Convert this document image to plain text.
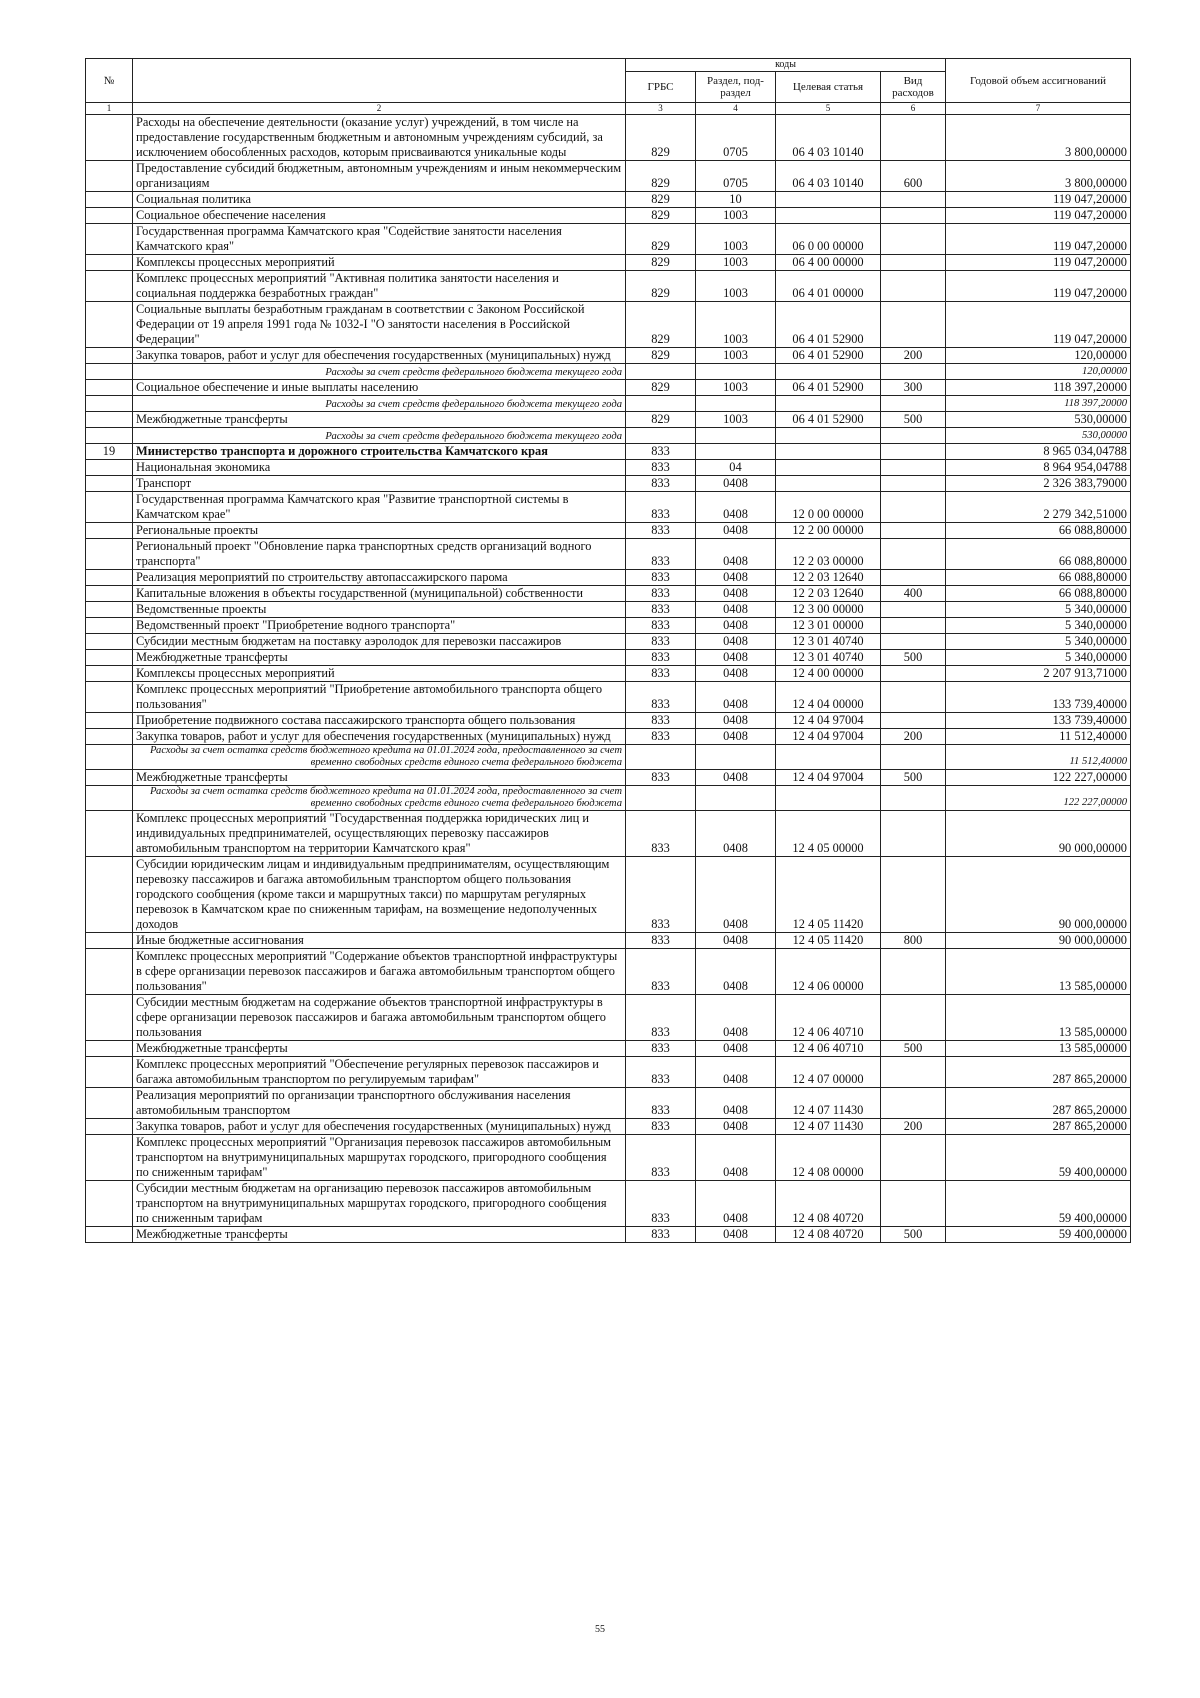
№		коды				Годовой объем ассигнований
		ГРБС	Раздел, под-раздел	Целевая статья	Вид расходов	
1	2	3	4	5	6	7
	Расходы на обеспечение деятельности (оказание услуг) учреждений, в том числе на предоставление государственным бюджетным и автономным учреждениям субсидий, за исключением обособленных расходов, которым присваиваются уникальные коды	829	0705	06 4 03 10140		3 800,00000
	Предоставление субсидий бюджетным, автономным учреждениям и иным некоммерческим организациям	829	0705	06 4 03 10140	600	3 800,00000
	Социальная политика	829	10			119 047,20000
	Социальное обеспечение населения	829	1003			119 047,20000
	Государственная программа Камчатского края "Содействие занятости населения Камчатского края"	829	1003	06 0 00 00000		119 047,20000
	Комплексы процессных мероприятий	829	1003	06 4 00 00000		119 047,20000
	Комплекс процессных мероприятий "Активная политика занятости населения и социальная поддержка безработных граждан"	829	1003	06 4 01 00000		119 047,20000
	Социальные выплаты безработным гражданам в соответствии с Законом Российской Федерации от 19 апреля 1991 года № 1032-I "О занятости населения в Российской Федерации"	829	1003	06 4 01 52900		119 047,20000
	Закупка товаров, работ и услуг для обеспечения государственных (муниципальных) нужд	829	1003	06 4 01 52900	200	120,00000
	Расходы за счет средств федерального бюджета текущего года					120,00000
	Социальное обеспечение и иные выплаты населению	829	1003	06 4 01 52900	300	118 397,20000
	Расходы за счет средств федерального бюджета текущего года					118 397,20000
	Межбюджетные трансферты	829	1003	06 4 01 52900	500	530,00000
	Расходы за счет средств федерального бюджета текущего года					530,00000
19	Министерство транспорта и дорожного строительства Камчатского края	833				8 965 034,04788
	Национальная экономика	833	04			8 964 954,04788
	Транспорт	833	0408			2 326 383,79000
	Государственная программа Камчатского края "Развитие транспортной системы в Камчатском крае"	833	0408	12 0 00 00000		2 279 342,51000
	Региональные проекты	833	0408	12 2 00 00000		66 088,80000
	Региональный проект "Обновление парка транспортных средств организаций водного транспорта"	833	0408	12 2 03 00000		66 088,80000
	Реализация мероприятий по строительству автопассажирского парома	833	0408	12 2 03 12640		66 088,80000
	Капитальные вложения в объекты государственной (муниципальной) собственности	833	0408	12 2 03 12640	400	66 088,80000
	Ведомственные проекты	833	0408	12 3 00 00000		5 340,00000
	Ведомственный проект "Приобретение водного транспорта"	833	0408	12 3 01 00000		5 340,00000
	Субсидии местным бюджетам на поставку аэролодок для перевозки пассажиров	833	0408	12 3 01 40740		5 340,00000
	Межбюджетные трансферты	833	0408	12 3 01 40740	500	5 340,00000
	Комплексы процессных мероприятий	833	0408	12 4 00 00000		2 207 913,71000
	Комплекс процессных мероприятий "Приобретение автомобильного транспорта общего пользования"	833	0408	12 4 04 00000		133 739,40000
	Приобретение подвижного состава пассажирского транспорта общего пользования	833	0408	12 4 04 97004		133 739,40000
	Закупка товаров, работ и услуг для обеспечения государственных (муниципальных) нужд	833	0408	12 4 04 97004	200	11 512,40000
	Расходы за счет остатка средств бюджетного кредита на 01.01.2024 года, предоставленного за счет временно свободных средств единого счета федерального бюджета					11 512,40000
	Межбюджетные трансферты	833	0408	12 4 04 97004	500	122 227,00000
	Расходы за счет остатка средств бюджетного кредита на 01.01.2024 года, предоставленного за счет временно свободных средств единого счета федерального бюджета					122 227,00000
	Комплекс процессных мероприятий "Государственная поддержка юридических лиц и индивидуальных предпринимателей, осуществляющих перевозку пассажиров автомобильным транспортом на территории Камчатского края"	833	0408	12 4 05 00000		90 000,00000
	Субсидии юридическим лицам и индивидуальным предпринимателям, осуществляющим перевозку пассажиров и багажа автомобильным транспортом общего пользования городского сообщения (кроме такси и маршрутных такси) по маршрутам регулярных перевозок в Камчатском крае по сниженным тарифам, на возмещение недополученных доходов	833	0408	12 4 05 11420		90 000,00000
	Иные бюджетные ассигнования	833	0408	12 4 05 11420	800	90 000,00000
	Комплекс процессных мероприятий "Содержание объектов транспортной инфраструктуры в сфере организации перевозок пассажиров и багажа автомобильным транспортом общего пользования"	833	0408	12 4 06 00000		13 585,00000
	Субсидии местным бюджетам на содержание объектов транспортной инфраструктуры в сфере организации перевозок пассажиров и багажа автомобильным транспортом общего пользования	833	0408	12 4 06 40710		13 585,00000
	Межбюджетные трансферты	833	0408	12 4 06 40710	500	13 585,00000
	Комплекс процессных мероприятий "Обеспечение регулярных перевозок пассажиров и багажа автомобильным транспортом по регулируемым тарифам"	833	0408	12 4 07 00000		287 865,20000
	Реализация мероприятий по организации транспортного обслуживания населения автомобильным транспортом	833	0408	12 4 07 11430		287 865,20000
	Закупка товаров, работ и услуг для обеспечения государственных (муниципальных) нужд	833	0408	12 4 07 11430	200	287 865,20000
	Комплекс процессных мероприятий "Организация перевозок пассажиров автомобильным транспортом на внутримуниципальных маршрутах городского, пригородного сообщения по сниженным тарифам"	833	0408	12 4 08 00000		59 400,00000
	Субсидии местным бюджетам на организацию перевозок пассажиров автомобильным транспортом на внутримуниципальных маршрутах городского, пригородного сообщения по сниженным тарифам	833	0408	12 4 08 40720		59 400,00000
	Межбюджетные трансферты	833	0408	12 4 08 40720	500	59 400,00000
55
